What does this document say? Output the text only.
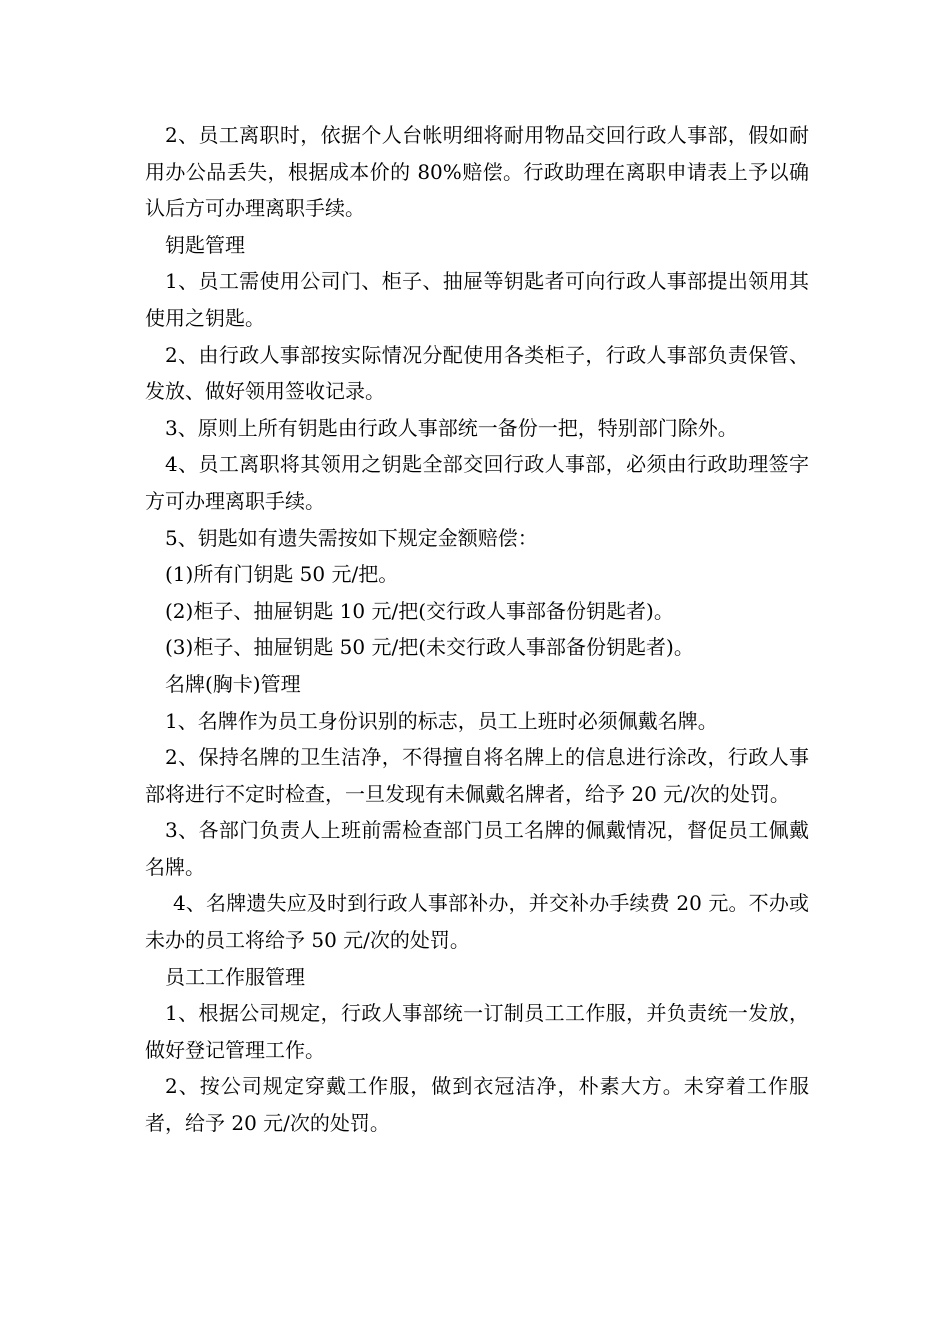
2、员工离职时，依据个人台帐明细将耐用物品交回行政人事部，假如耐用办公品丢失，根据成本价的 80%赔偿。行政助理在离职申请表上予以确认后方可办理离职手续。

钥匙管理

1、员工需使用公司门、柜子、抽屉等钥匙者可向行政人事部提出领用其使用之钥匙。

2、由行政人事部按实际情况分配使用各类柜子，行政人事部负责保管、发放、做好领用签收记录。

3、原则上所有钥匙由行政人事部统一备份一把，特别部门除外。

4、员工离职将其领用之钥匙全部交回行政人事部，必须由行政助理签字方可办理离职手续。

5、钥匙如有遗失需按如下规定金额赔偿：

(1)所有门钥匙 50 元/把。

(2)柜子、抽屉钥匙 10 元/把(交行政人事部备份钥匙者)。

(3)柜子、抽屉钥匙 50 元/把(未交行政人事部备份钥匙者)。

名牌(胸卡)管理

1、名牌作为员工身份识别的标志，员工上班时必须佩戴名牌。

2、保持名牌的卫生洁净，不得擅自将名牌上的信息进行涂改，行政人事部将进行不定时检查，一旦发现有未佩戴名牌者，给予 20 元/次的处罚。

3、各部门负责人上班前需检查部门员工名牌的佩戴情况，督促员工佩戴名牌。

4、名牌遗失应及时到行政人事部补办，并交补办手续费 20 元。不办或未办的员工将给予 50 元/次的处罚。

员工工作服管理

1、根据公司规定，行政人事部统一订制员工工作服，并负责统一发放，做好登记管理工作。

2、按公司规定穿戴工作服，做到衣冠洁净，朴素大方。未穿着工作服者，给予 20 元/次的处罚。
